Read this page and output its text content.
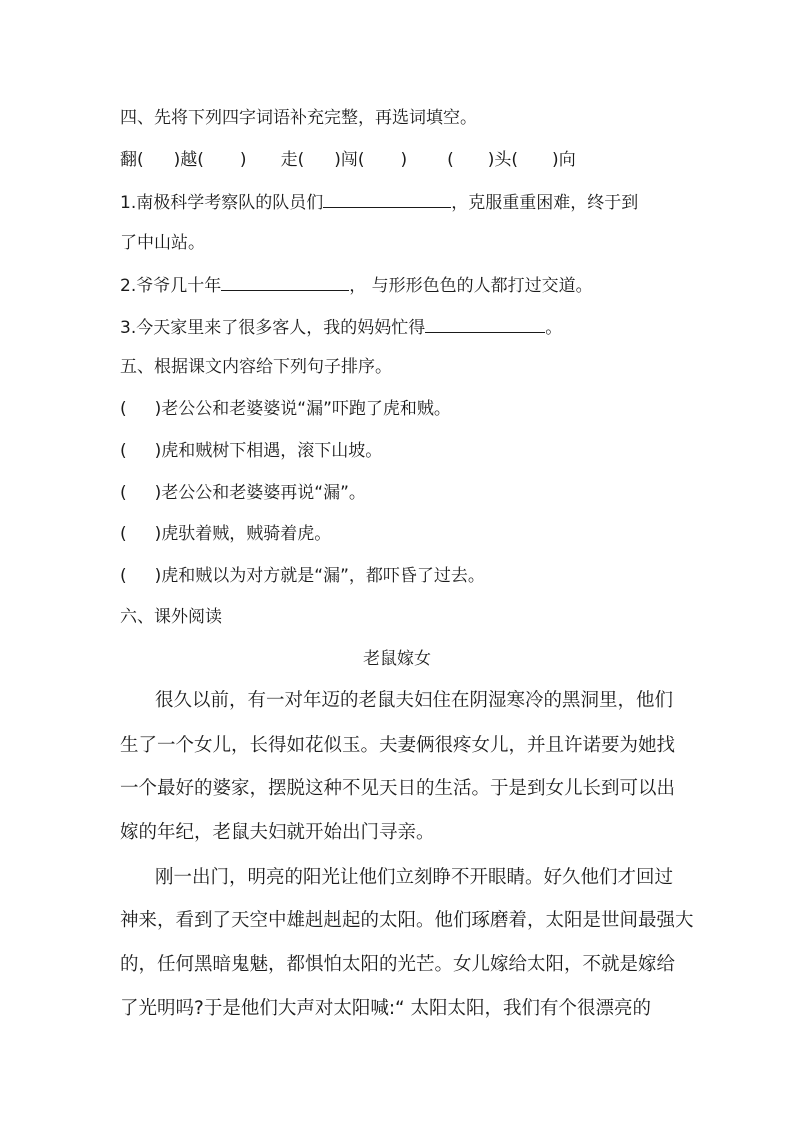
四、先将下列四字词语补充完整，再选词填空。
翻( )越( ) 走( )闯( ) ( )头( )向
1.南极科学考察队的队员们	，克服重重困难，终于到
了中山站。
2.爷爷几十年	， 与形形色色的人都打过交道。
3.今天家里来了很多客人，我的妈妈忙得	。
五、根据课文内容给下列句子排序。
( )老公公和老婆婆说“漏”吓跑了虎和贼。
( )虎和贼树下相遇，滚下山坡。
( )老公公和老婆婆再说“漏”。
( )虎驮着贼，贼骑着虎。
( )虎和贼以为对方就是“漏”，都吓昏了过去。
六、课外阅读
老鼠嫁女
很久以前，有一对年迈的老鼠夫妇住在阴湿寒冷的黑洞里，他们
生了一个女儿，长得如花似玉。夫妻俩很疼女儿，并且许诺要为她找
一个最好的婆家，摆脱这种不见天日的生活。于是到女儿长到可以出
嫁的年纪，老鼠夫妇就开始出门寻亲。
刚一出门，明亮的阳光让他们立刻睁不开眼睛。好久他们才回过
神来，看到了天空中雄赳赳起的太阳。他们琢磨着，太阳是世间最强大
的，任何黑暗鬼魅，都惧怕太阳的光芒。女儿嫁给太阳，不就是嫁给
了光明吗?于是他们大声对太阳喊:“ 太阳太阳，我们有个很漂亮的
